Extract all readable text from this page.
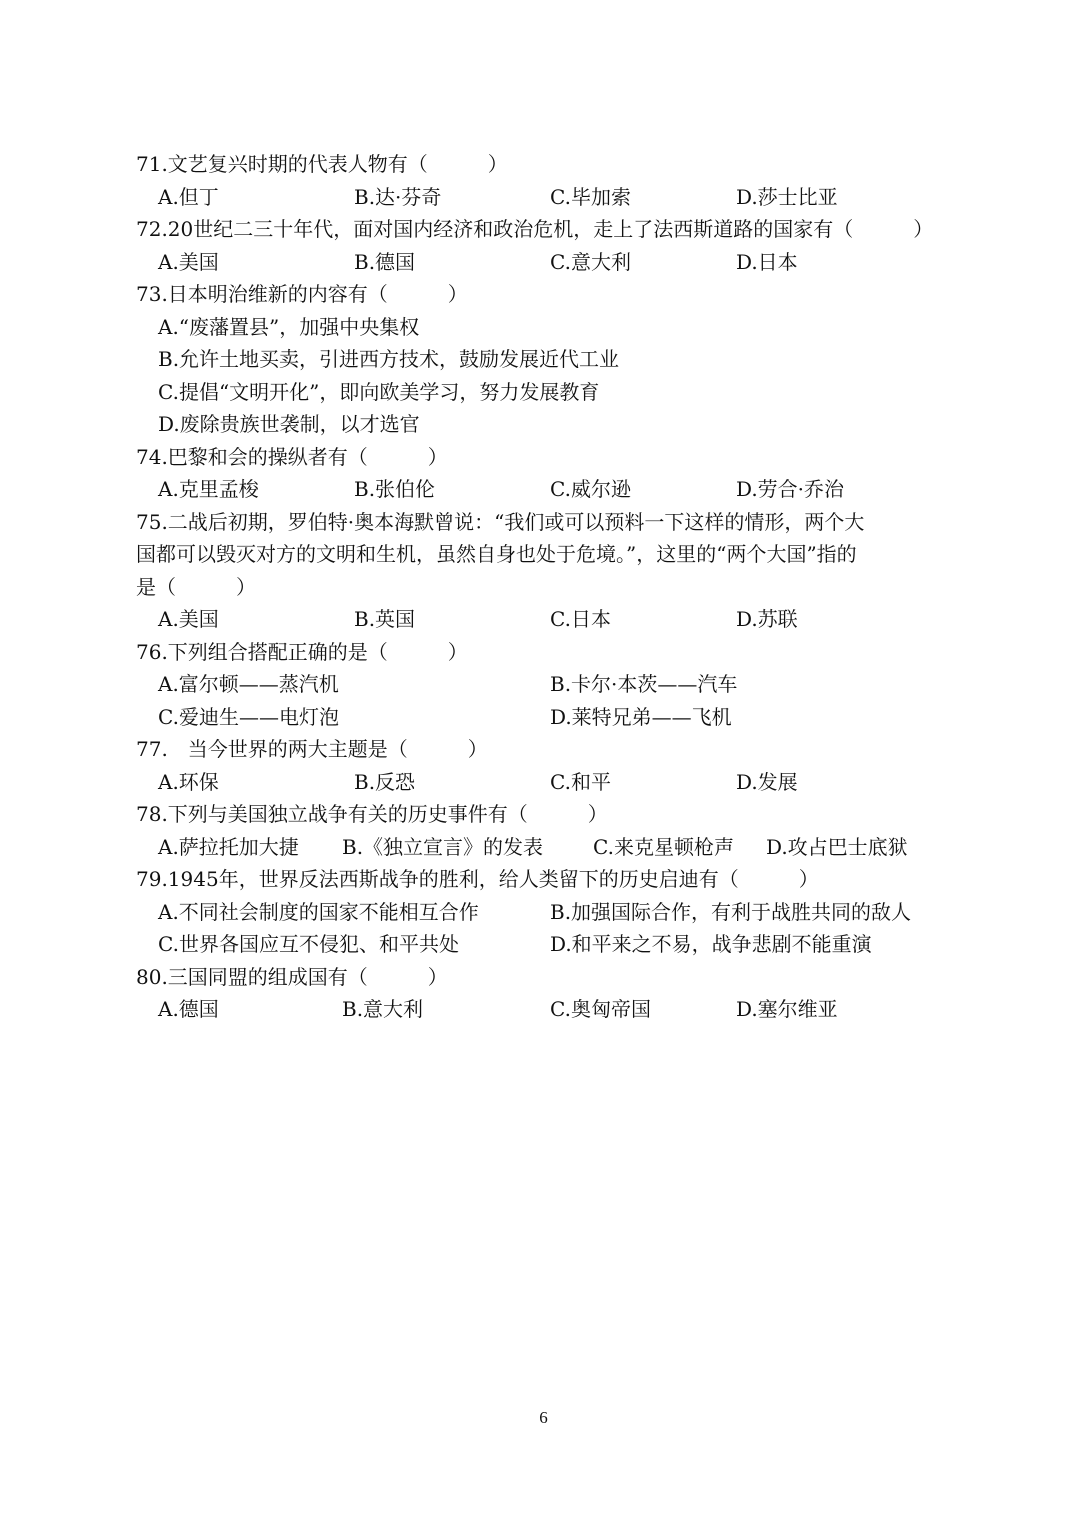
71.文艺复兴时期的代表人物有（　　　）
A.但丁	B.达·芬奇	C.毕加索	D.莎士比亚
72.20世纪二三十年代，面对国内经济和政治危机，走上了法西斯道路的国家有（　　　）
A.美国	B.德国	C.意大利	D.日本
73.日本明治维新的内容有（　　　）
A.“废藩置县”，加强中央集权
B.允许土地买卖，引进西方技术，鼓励发展近代工业
C.提倡“文明开化”，即向欧美学习，努力发展教育
D.废除贵族世袭制，以才选官
74.巴黎和会的操纵者有（　　　）
A.克里孟梭	B.张伯伦	C.威尔逊	D.劳合·乔治
75.二战后初期，罗伯特·奥本海默曾说：“我们或可以预料一下这样的情形，两个大
国都可以毁灭对方的文明和生机，虽然自身也处于危境。”，这里的“两个大国”指的
是（　　　）
A.美国	B.英国	C.日本	D.苏联
76.下列组合搭配正确的是（　　　）
A.富尔顿——蒸汽机	B.卡尔·本茨——汽车
C.爱迪生——电灯泡	D.莱特兄弟——飞机
77.　当今世界的两大主题是（　　　）
A.环保	B.反恐	C.和平	D.发展
78.下列与美国独立战争有关的历史事件有（　　　）
A.萨拉托加大捷 B.《独立宣言》的发表 C.来克星顿枪声 D.攻占巴士底狱
79.1945年，世界反法西斯战争的胜利，给人类留下的历史启迪有（　　　）
A.不同社会制度的国家不能相互合作	B.加强国际合作，有利于战胜共同的敌人
C.世界各国应互不侵犯、和平共处	D.和平来之不易，战争悲剧不能重演
80.三国同盟的组成国有（　　　）
A.德国	B.意大利	C.奥匈帝国	D.塞尔维亚
6
